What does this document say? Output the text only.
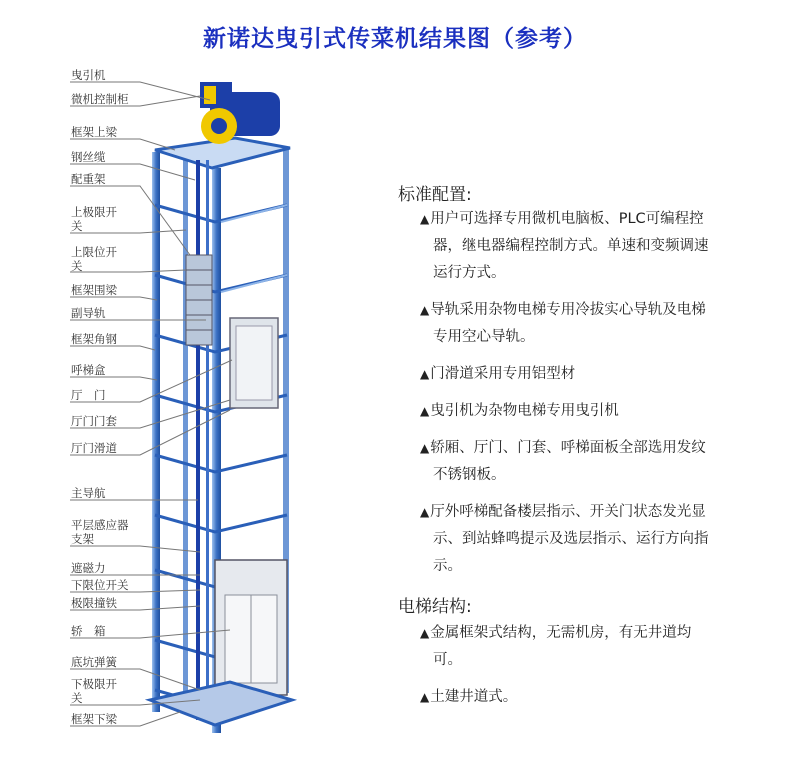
新诺达曳引式传菜机结果图（参考）
曳引机
微机控制柜
框架上梁
钢丝缆
配重架
上极限开关
上限位开关
框架围梁
副导轨
框架角钢
呼梯盒
厅　门
厅门门套
厅门滑道
主导航
平层感应器支架
遮磁力
下限位开关
极限撞铁
轿　箱
底坑弹簧
下极限开关
框架下梁
标准配置:
▲用户可选择专用微机电脑板、PLC可编程控器，继电器编程控制方式。单速和变频调速运行方式。
▲导轨采用杂物电梯专用冷拔实心导轨及电梯专用空心导轨。
▲门滑道采用专用铝型材
▲曳引机为杂物电梯专用曳引机
▲轿厢、厅门、门套、呼梯面板全部选用发纹不锈钢板。
▲厅外呼梯配备楼层指示、开关门状态发光显示、到站蜂鸣提示及选层指示、运行方向指示。
电梯结构:
▲金属框架式结构，无需机房，有无井道均可。
▲土建井道式。
